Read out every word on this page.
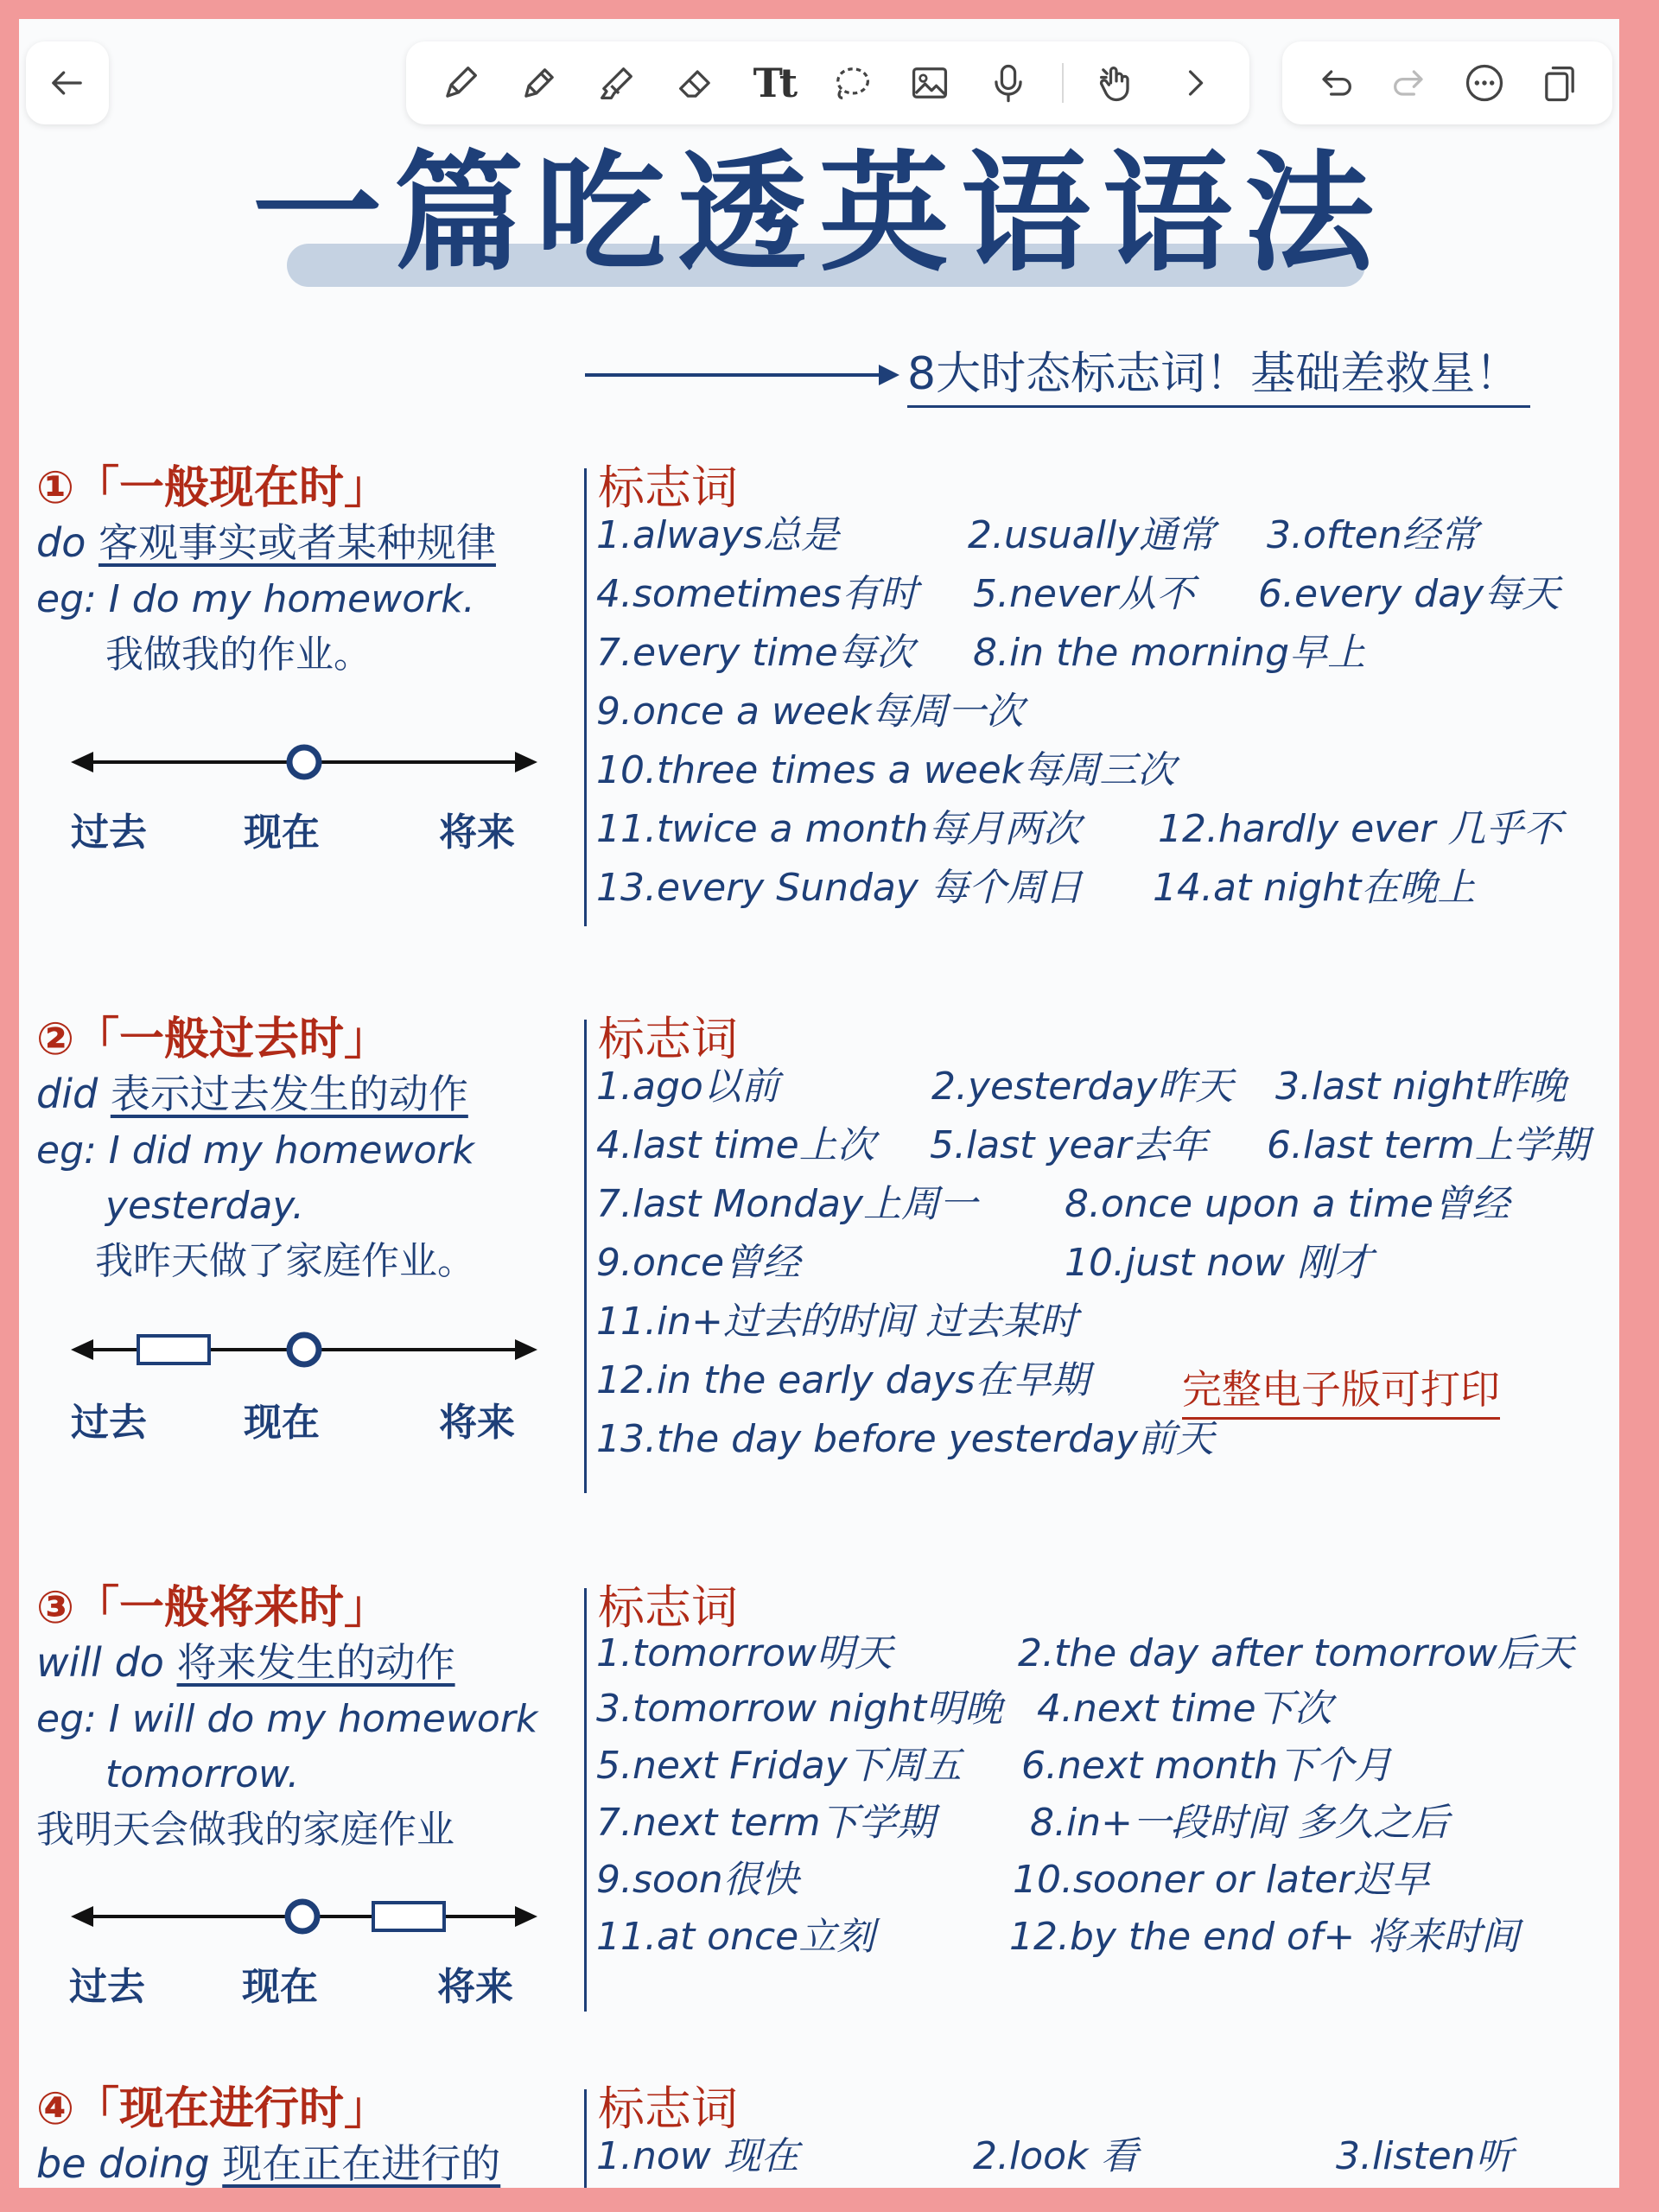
Tt
一篇吃透英语语法
8大时态标志词！基础差救星！
①「一般现在时」
do 客观事实或者某种规律
eg: I do my homework.
我做我的作业。
过去	现在	将来
标志词
1.always总是	2.usually通常 3.often经常
4.sometimes有时 5.never从不 6.every day每天
7.every time每次 8.in the morning早上
9.once a week每周一次
10.three times a week每周三次
11.twice a month每月两次 12.hardly ever 几乎不
13.every Sunday 每个周日 14.at night在晚上
②「一般过去时」
did 表示过去发生的动作
eg: I did my homework
yesterday.
我昨天做了家庭作业。
过去	现在	将来
标志词
1.ago以前	2.yesterday昨天 3.last night昨晚
4.last time上次 5.last year去年 6.last term上学期
7.last Monday上周一 8.once upon a time曾经
9.once曾经	10.just now 刚才
11.in+过去的时间 过去某时
12.in the early days在早期 完整电子版可打印
13.the day before yesterday前天
③「一般将来时」
will do 将来发生的动作
eg: I will do my homework
tomorrow.
我明天会做我的家庭作业
过去	现在	将来
标志词
1.tomorrow明天	2.the day after tomorrow后天
3.tomorrow night明晚 4.next time下次
5.next Friday下周五 6.next month下个月
7.next term下学期	8.in+一段时间 多久之后
9.soon很快	10.sooner or later迟早
11.at once立刻	12.by the end of+ 将来时间
④「现在进行时」
be doing 现在正在进行的
标志词
1.now 现在	2.look 看	3.listen听
